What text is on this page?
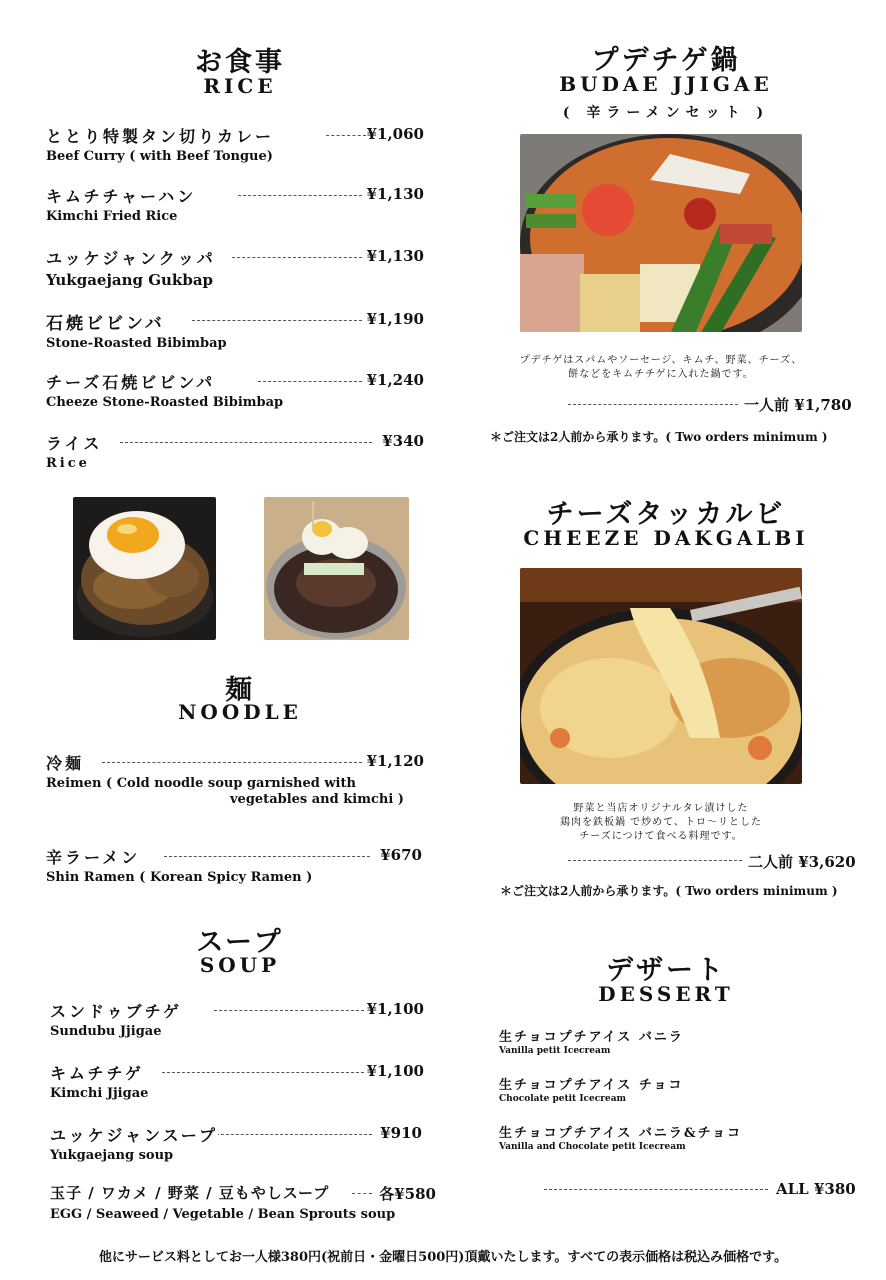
お食事
RICE
ととり特製タン切りカレー	¥1,060
Beef Curry ( with Beef Tongue)
キムチチャーハン	¥1,130
Kimchi Fried Rice
ユッケジャンクッパ	¥1,130
Yukgaejang Gukbap
石焼ビビンバ	¥1,190
Stone-Roasted Bibimbap
チーズ石焼ビビンパ	¥1,240
Cheeze Stone-Roasted Bibimbap
ライス	¥340
Rice
麺
NOODLE
冷麺	¥1,120
Reimen ( Cold noodle soup garnished with
vegetables and kimchi )
辛ラーメン	¥670
Shin Ramen ( Korean Spicy Ramen )
スープ
SOUP
スンドゥブチゲ	¥1,100
Sundubu Jjigae
キムチチゲ	¥1,100
Kimchi Jjigae
ユッケジャンスープ	¥910
Yukgaejang soup
玉子 / ワカメ / 野菜 / 豆もやしスープ	各¥580
EGG / Seaweed / Vegetable / Bean Sprouts soup
プデチゲ鍋
BUDAE JJIGAE
( 辛ラーメンセット )
プデチゲはスパムやソーセージ、キムチ、野菜、チーズ、
餅などをキムチチゲに入れた鍋です。
一人前 ¥1,780
＊ご注文は2人前から承ります。( Two orders minimum )
チーズタッカルビ
CHEEZE DAKGALBI
野菜と当店オリジナルタレ漬けした
鶏肉を鉄板鍋 で炒めて、トロ～リとした
チーズにつけて食べる料理です。
二人前 ¥3,620
＊ご注文は2人前から承ります。( Two orders minimum )
デザート
DESSERT
生チョコプチアイス バニラ
Vanilla petit Icecream
生チョコプチアイス チョコ
Chocolate petit Icecream
生チョコプチアイス バニラ&チョコ
Vanilla and Chocolate petit Icecream
ALL ¥380
他にサービス料としてお一人様380円(祝前日・金曜日500円)頂戴いたします。すべての表示価格は税込み価格です。
